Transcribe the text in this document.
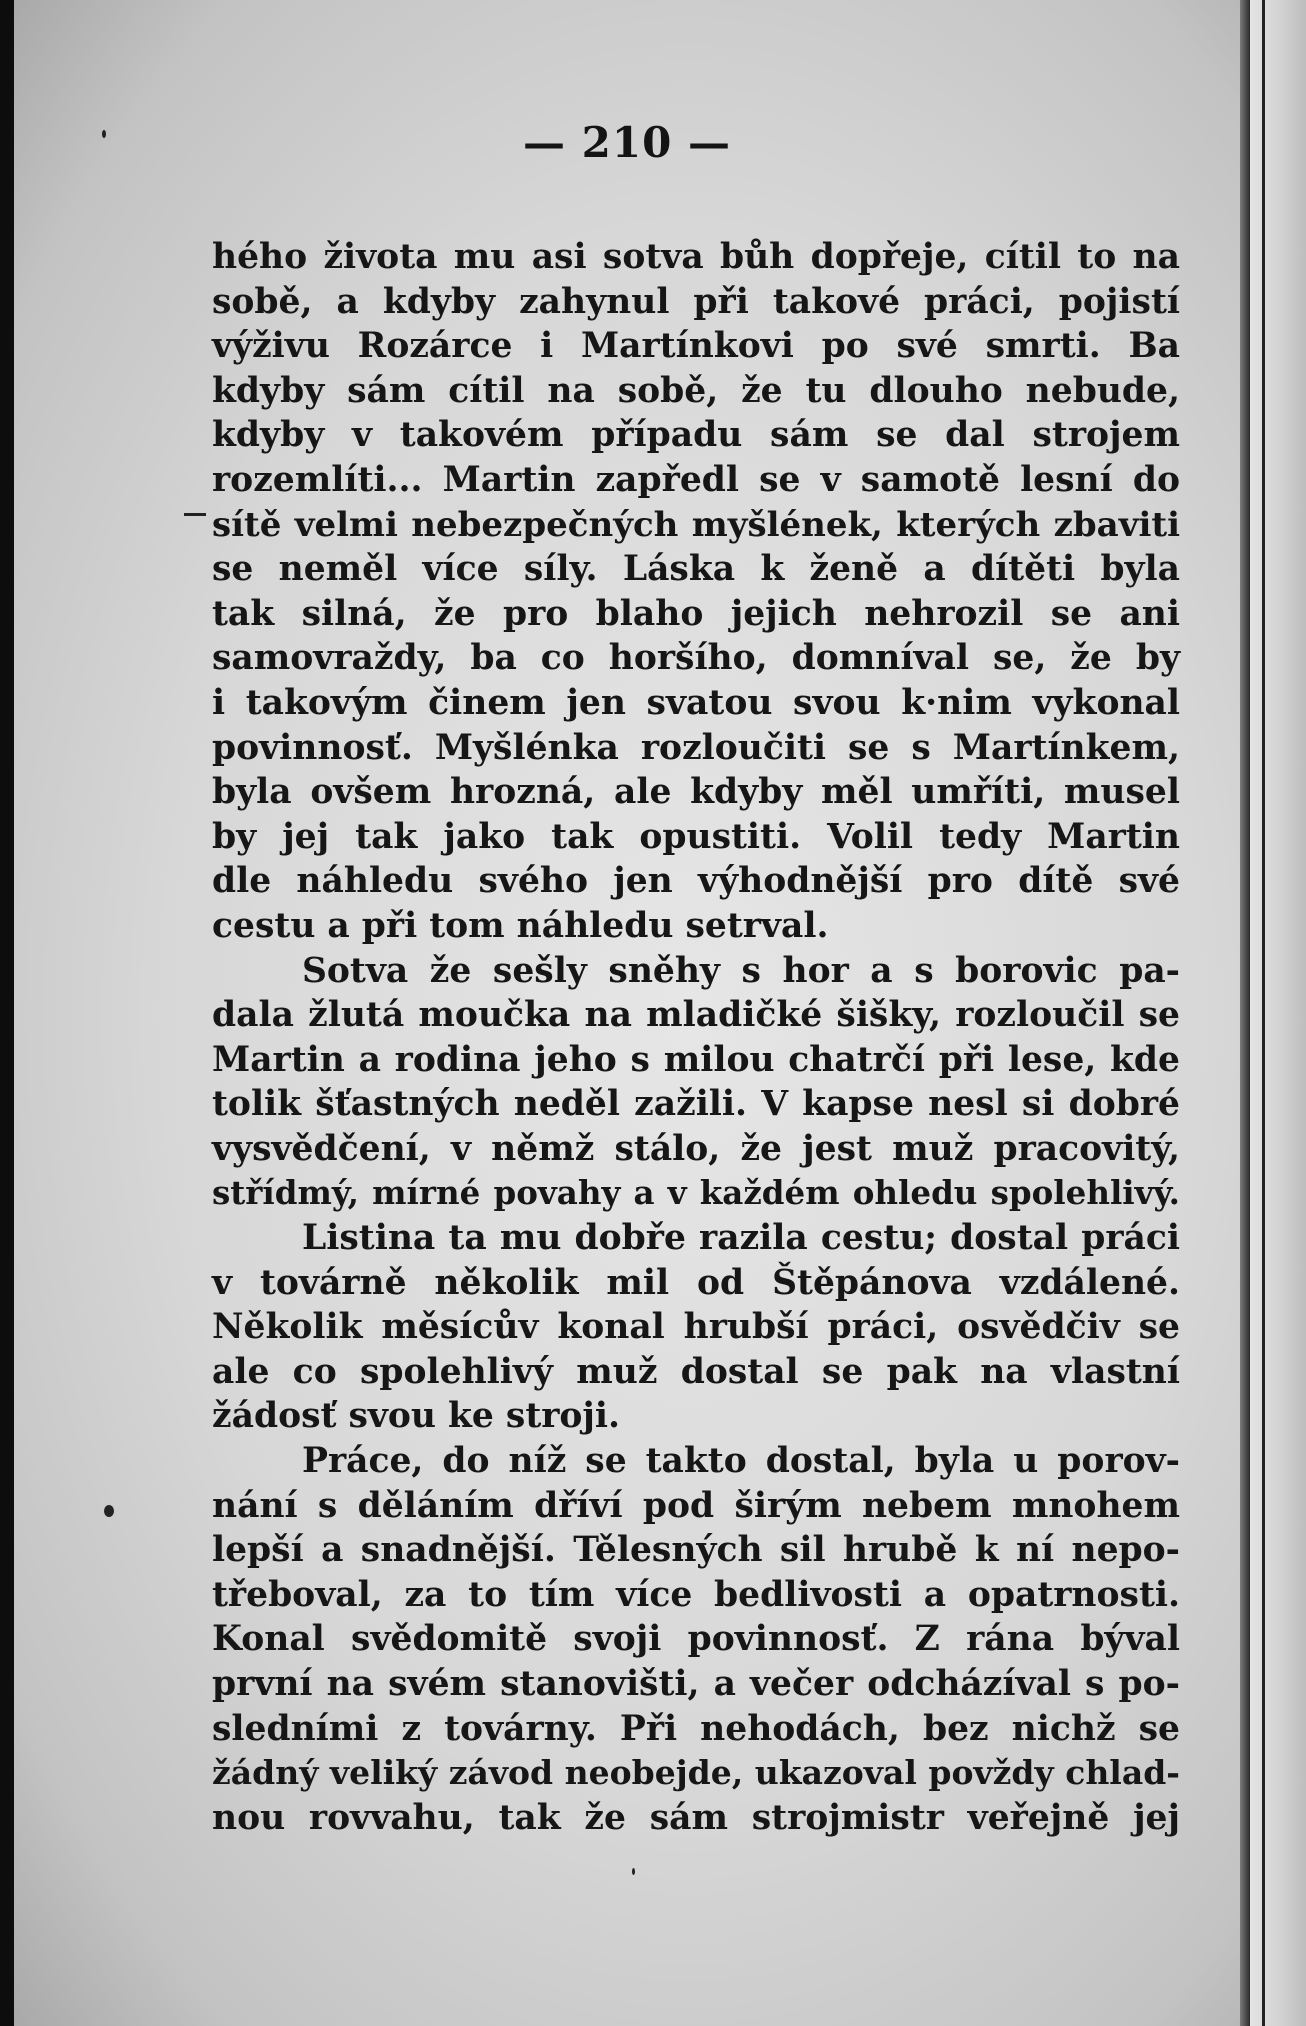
— 210 —
hého života mu asi sotva bůh dopřeje, cítil to na
sobě, a kdyby zahynul při takové práci, pojistí
výživu Rozárce i Martínkovi po své smrti. Ba
kdyby sám cítil na sobě, že tu dlouho nebude,
kdyby v takovém případu sám se dal strojem
rozemlíti... Martin zapředl se v samotě lesní do
sítě velmi nebezpečných myšlének, kterých zbaviti
se neměl více síly. Láska k ženě a dítěti byla
tak silná, že pro blaho jejich nehrozil se ani
samovraždy, ba co horšího, domníval se, že by
i takovým činem jen svatou svou k·nim vykonal
povinnosť. Myšlénka rozloučiti se s Martínkem,
byla ovšem hrozná, ale kdyby měl umříti, musel
by jej tak jako tak opustiti. Volil tedy Martin
dle náhledu svého jen výhodnější pro dítě své
cestu a při tom náhledu setrval.
Sotva že sešly sněhy s hor a s borovic pa-
dala žlutá moučka na mladičké šišky, rozloučil se
Martin a rodina jeho s milou chatrčí při lese, kde
tolik šťastných neděl zažili. V kapse nesl si dobré
vysvědčení, v němž stálo, že jest muž pracovitý,
střídmý, mírné povahy a v každém ohledu spolehlivý.
Listina ta mu dobře razila cestu; dostal práci
v továrně několik mil od Štěpánova vzdálené.
Několik měsícův konal hrubší práci, osvědčiv se
ale co spolehlivý muž dostal se pak na vlastní
žádosť svou ke stroji.
Práce, do níž se takto dostal, byla u porov-
nání s děláním dříví pod širým nebem mnohem
lepší a snadnější. Tělesných sil hrubě k ní nepo-
třeboval, za to tím více bedlivosti a opatrnosti.
Konal svědomitě svoji povinnosť. Z rána býval
první na svém stanovišti, a večer odcházíval s po-
sledními z továrny. Při nehodách, bez nichž se
žádný veliký závod neobejde, ukazoval povždy chlad-
nou rovvahu, tak že sám strojmistr veřejně jej
